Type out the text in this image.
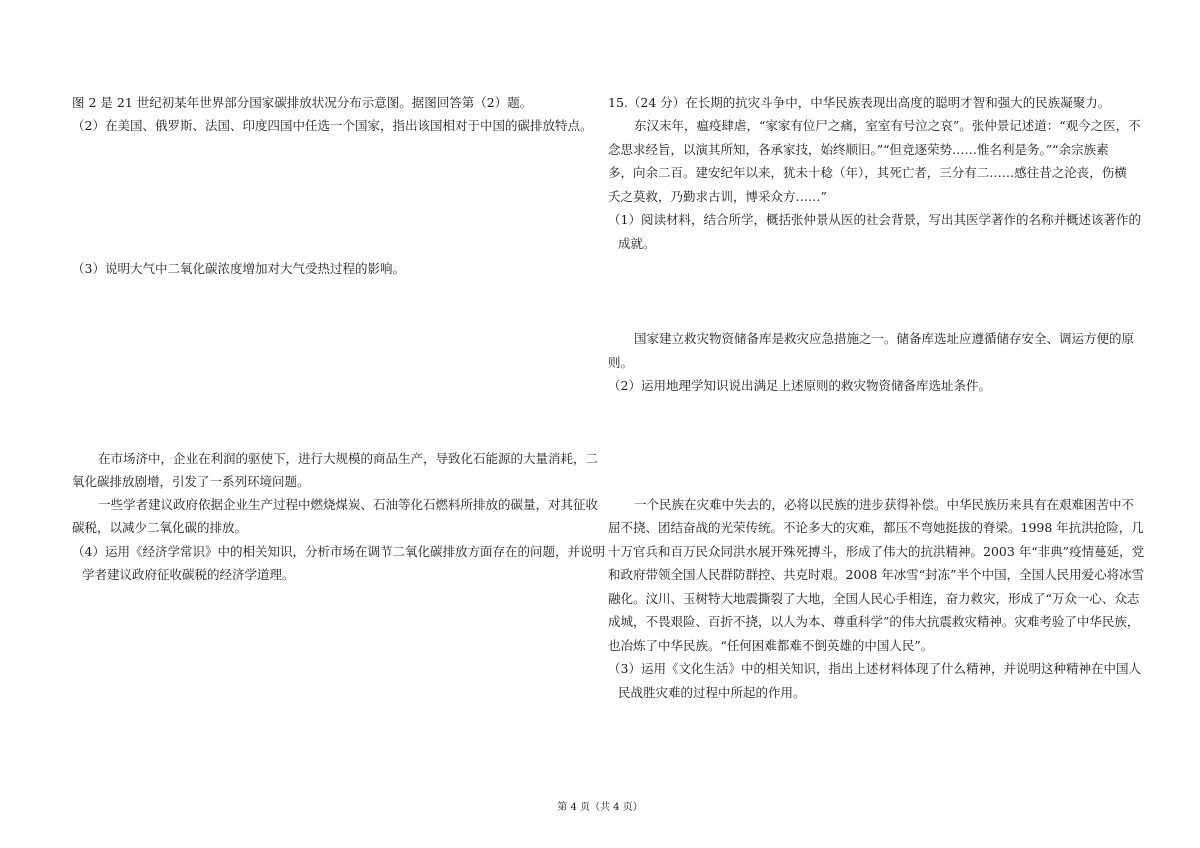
图 2 是 21 世纪初某年世界部分国家碳排放状况分布示意图。据图回答第（2）题。
（2）在美国、俄罗斯、法国、印度四国中任选一个国家，指出该国相对于中国的碳排放特点。
（3）说明大气中二氧化碳浓度增加对大气受热过程的影响。
在市场济中，企业在利润的驱使下，进行大规模的商品生产，导致化石能源的大量消耗，二
氧化碳排放剧增，引发了一系列环境问题。
一些学者建议政府依据企业生产过程中燃烧煤炭、石油等化石燃料所排放的碳量，对其征收
碳税，以减少二氧化碳的排放。
（4）运用《经济学常识》中的相关知识，分析市场在调节二氧化碳排放方面存在的问题，并说明
学者建议政府征收碳税的经济学道理。
15.（24 分）在长期的抗灾斗争中，中华民族表现出高度的聪明才智和强大的民族凝聚力。
东汉末年，瘟疫肆虐，“家家有位尸之痛，室室有号泣之哀”。张仲景记述道：“观今之医，不
念思求经旨，以演其所知，各承家技，始终顺旧。”“但竞逐荣势……惟名利是务。”“余宗族素
多，向余二百。建安纪年以来，犹未十稔（年），其死亡者，三分有二……感往昔之沦丧，伤横
夭之莫救，乃勤求古训，博采众方……”
（1）阅读材料，结合所学，概括张仲景从医的社会背景，写出其医学著作的名称并概述该著作的
成就。
国家建立救灾物资储备库是救灾应急措施之一。储备库选址应遵循储存安全、调运方便的原
则。
（2）运用地理学知识说出满足上述原则的救灾物资储备库选址条件。
一个民族在灾难中失去的，必将以民族的进步获得补偿。中华民族历来具有在艰难困苦中不
屈不挠、团结奋战的光荣传统。不论多大的灾难，都压不弯她挺拔的脊梁。1998 年抗洪抢险，几
十万官兵和百万民众同洪水展开殊死搏斗，形成了伟大的抗洪精神。2003 年“非典”疫情蔓延，党
和政府带领全国人民群防群控、共克时艰。2008 年冰雪“封冻”半个中国，全国人民用爱心将冰雪
融化。汶川、玉树特大地震撕裂了大地，全国人民心手相连，奋力救灾，形成了“万众一心、众志
成城，不畏艰险、百折不挠，以人为本、尊重科学”的伟大抗震救灾精神。灾难考验了中华民族，
也冶炼了中华民族。“任何困难都难不倒英雄的中国人民”。
（3）运用《文化生活》中的相关知识，指出上述材料体现了什么精神，并说明这种精神在中国人
民战胜灾难的过程中所起的作用。
第 4 页（共 4 页）
